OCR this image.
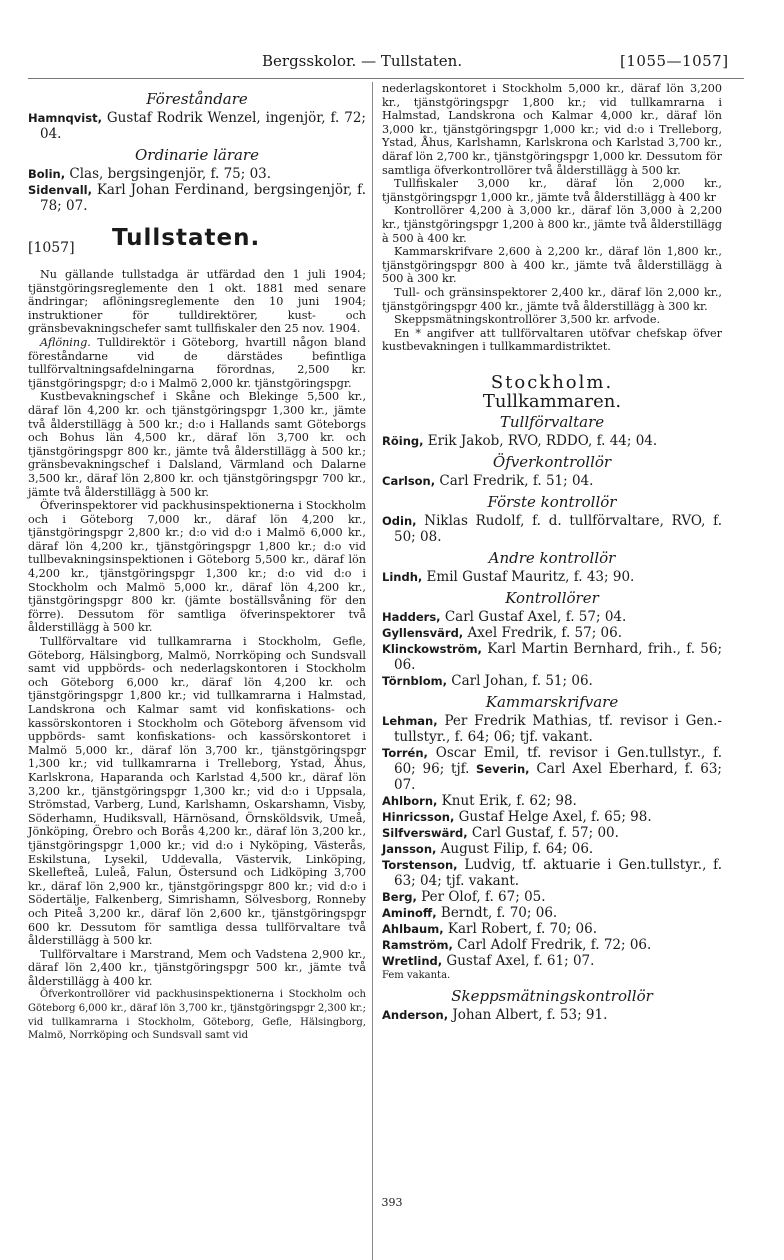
Bergsskolor. — Tullstaten.	[1055—1057]
Föreståndare

Hamnqvist, Gustaf Rodrik Wenzel, ingenjör, f. 72; 04.

Ordinarie lärare

Bolin, Clas, bergsingenjör, f. 75; 03.

Sidenvall, Karl Johan Ferdinand, bergsingenjör, f. 78; 07.

[1057] Tullstaten.

Nu gällande tullstadga är utfärdad den 1 juli 1904; tjänstgöringsreglemente den 1 okt. 1881 med senare ändringar; aflöningsreglemente den 10 juni 1904; instruktioner för tulldirektörer, kust- och gränsbevakningschefer samt tullfiskaler den 25 nov. 1904.

Aflöning. Tulldirektör i Göteborg, hvartill någon bland föreståndarne vid de därstädes befintliga tullförvaltningsafdelningarna förordnas, 2,500 kr. tjänstgöringspgr; d:o i Malmö 2,000 kr. tjänstgöringspgr.

Kustbevakningschef i Skåne och Blekinge 5,500 kr., däraf lön 4,200 kr. och tjänstgöringspgr 1,300 kr., jämte två ålderstillägg à 500 kr.; d:o i Hallands samt Göteborgs och Bohus län 4,500 kr., däraf lön 3,700 kr. och tjänstgöringspgr 800 kr., jämte två ålderstillägg à 500 kr.; gränsbevakningschef i Dalsland, Värmland och Dalarne 3,500 kr., däraf lön 2,800 kr. och tjänstgöringspgr 700 kr., jämte två ålderstillägg à 500 kr.

Öfverinspektorer vid packhusinspektionerna i Stockholm och i Göteborg 7,000 kr., däraf lön 4,200 kr., tjänstgöringspgr 2,800 kr.; d:o vid d:o i Malmö 6,000 kr., däraf lön 4,200 kr., tjänstgöringspgr 1,800 kr.; d:o vid tullbevakningsinspektionen i Göteborg 5,500 kr., däraf lön 4,200 kr., tjänstgöringspgr 1,300 kr.; d:o vid d:o i Stockholm och Malmö 5,000 kr., däraf lön 4,200 kr., tjänstgöringspgr 800 kr. (jämte boställsvåning för den förre). Dessutom för samtliga öfverinspektorer två ålderstillägg à 500 kr.

Tullförvaltare vid tullkamrarna i Stockholm, Gefle, Göteborg, Hälsingborg, Malmö, Norrköping och Sundsvall samt vid uppbörds- och nederlagskontoren i Stockholm och Göteborg 6,000 kr., däraf lön 4,200 kr. och tjänstgöringspgr 1,800 kr.; vid tullkamrarna i Halmstad, Landskrona och Kalmar samt vid konfiskations- och kassörskontoren i Stockholm och Göteborg äfvensom vid uppbörds- samt konfiskations- och kassörskontoret i Malmö 5,000 kr., däraf lön 3,700 kr., tjänstgöringspgr 1,300 kr.; vid tullkamrarna i Trelleborg, Ystad, Åhus, Karlskrona, Haparanda och Karlstad 4,500 kr., däraf lön 3,200 kr., tjänstgöringspgr 1,300 kr.; vid d:o i Uppsala, Strömstad, Varberg, Lund, Karlshamn, Oskarshamn, Visby, Söderhamn, Hudiksvall, Härnösand, Örnsköldsvik, Umeå, Jönköping, Örebro och Borås 4,200 kr., däraf lön 3,200 kr., tjänstgöringspgr 1,000 kr.; vid d:o i Nyköping, Västerås, Eskilstuna, Lysekil, Uddevalla, Västervik, Linköping, Skellefteå, Luleå, Falun, Östersund och Lidköping 3,700 kr., däraf lön 2,900 kr., tjänstgöringspgr 800 kr.; vid d:o i Södertälje, Falkenberg, Simrishamn, Sölvesborg, Ronneby och Piteå 3,200 kr., däraf lön 2,600 kr., tjänstgöringspgr 600 kr. Dessutom för samtliga dessa tullförvaltare två ålderstillägg à 500 kr.

Tullförvaltare i Marstrand, Mem och Vadstena 2,900 kr., däraf lön 2,400 kr., tjänstgöringspgr 500 kr., jämte två ålderstillägg à 400 kr.

Öfverkontrollörer vid packhusinspektionerna i Stockholm och Göteborg 6,000 kr., däraf lön 3,700 kr., tjänstgöringspgr 2,300 kr.; vid tullkamrarna i Stockholm, Göteborg, Gefle, Hälsingborg, Malmö, Norrköping och Sundsvall samt vid

nederlagskontoret i Stockholm 5,000 kr., däraf lön 3,200 kr., tjänstgöringspgr 1,800 kr.; vid tullkamrarna i Halmstad, Landskrona och Kalmar 4,000 kr., däraf lön 3,000 kr., tjänstgöringspgr 1,000 kr.; vid d:o i Trelleborg, Ystad, Åhus, Karlshamn, Karlskrona och Karlstad 3,700 kr., däraf lön 2,700 kr., tjänstgöringspgr 1,000 kr. Dessutom för samtliga öfverkontrollörer två ålderstillägg à 500 kr.

Tullfiskaler 3,000 kr., däraf lön 2,000 kr., tjänstgöringspgr 1,000 kr., jämte två ålderstillägg à 400 kr

Kontrollörer 4,200 à 3,000 kr., däraf lön 3,000 à 2,200 kr., tjänstgöringspgr 1,200 à 800 kr., jämte två ålderstillägg à 500 à 400 kr.

Kammarskrifvare 2,600 à 2,200 kr., däraf lön 1,800 kr., tjänstgöringspgr 800 à 400 kr., jämte två ålderstillägg à 500 à 300 kr.

Tull- och gränsinspektorer 2,400 kr., däraf lön 2,000 kr., tjänstgöringspgr 400 kr., jämte två ålderstillägg à 300 kr.

Skeppsmätningskontrollörer 3,500 kr. arfvode.

En * angifver att tullförvaltaren utöfvar chefskap öfver kustbevakningen i tullkammardistriktet.

Stockholm.
Tullkammaren.
Tullförvaltare

Röing, Erik Jakob, RVO, RDDO, f. 44; 04.

Öfverkontrollör

Carlson, Carl Fredrik, f. 51; 04.

Förste kontrollör

Odin, Niklas Rudolf, f. d. tullförvaltare, RVO, f. 50; 08.

Andre kontrollör

Lindh, Emil Gustaf Mauritz, f. 43; 90.

Kontrollörer

Hadders, Carl Gustaf Axel, f. 57; 04.

Gyllensvärd, Axel Fredrik, f. 57; 06.

Klinckowström, Karl Martin Bernhard, frih., f. 56; 06.

Törnblom, Carl Johan, f. 51; 06.

Kammarskrifvare

Lehman, Per Fredrik Mathias, tf. revisor i Gen.-tullstyr., f. 64; 06; tjf. vakant.

Torrén, Oscar Emil, tf. revisor i Gen.tullstyr., f. 60; 96; tjf. Severin, Carl Axel Eberhard, f. 63; 07.

Ahlborn, Knut Erik, f. 62; 98.

Hinricsson, Gustaf Helge Axel, f. 65; 98.

Silfverswärd, Carl Gustaf, f. 57; 00.

Jansson, August Filip, f. 64; 06.

Torstenson, Ludvig, tf. aktuarie i Gen.tullstyr., f. 63; 04; tjf. vakant.

Berg, Per Olof, f. 67; 05.

Aminoff, Berndt, f. 70; 06.

Ahlbaum, Karl Robert, f. 70; 06.

Ramström, Carl Adolf Fredrik, f. 72; 06.

Wretlind, Gustaf Axel, f. 61; 07.

Fem vakanta.

Skeppsmätningskontrollör

Anderson, Johan Albert, f. 53; 91.

393
